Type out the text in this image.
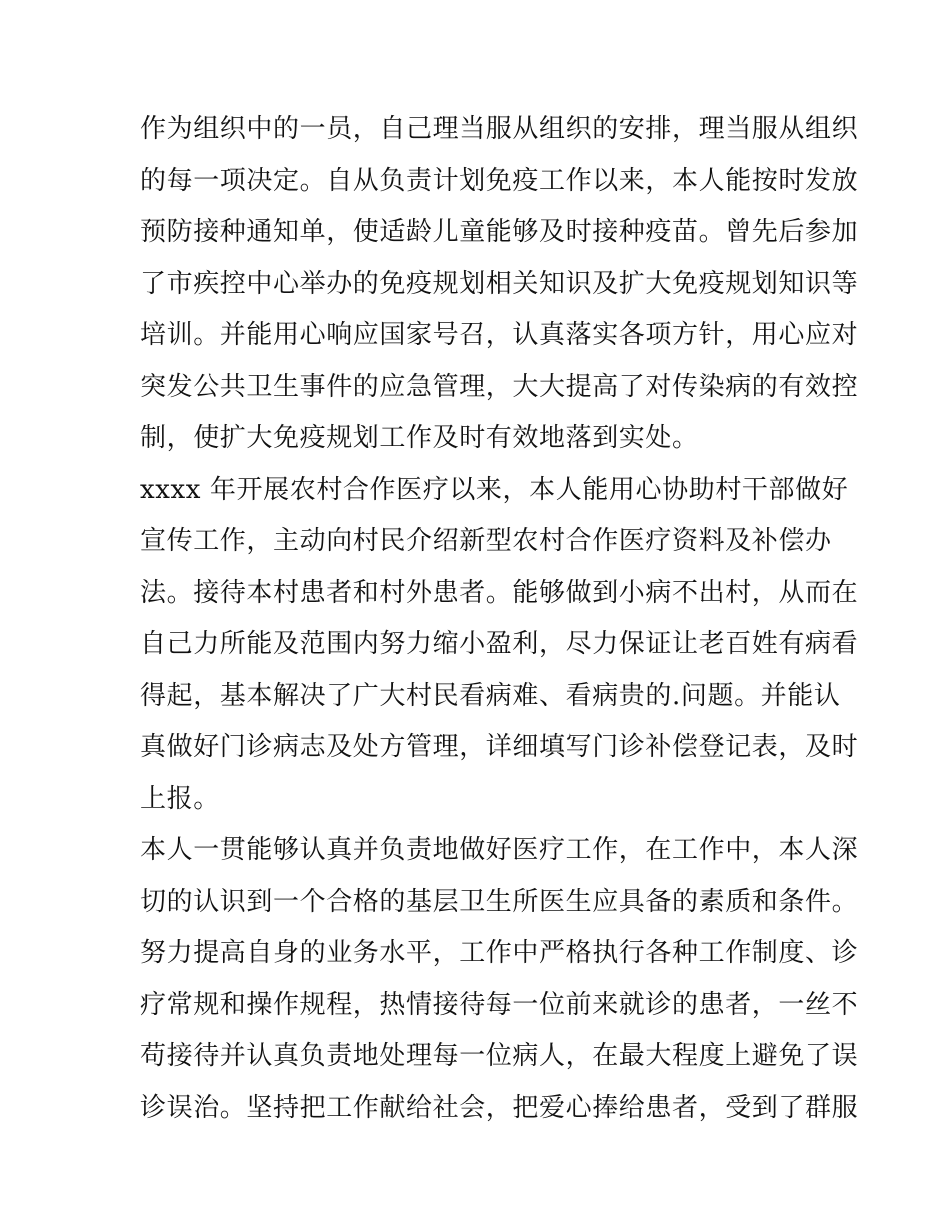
作为组织中的一员，自己理当服从组织的安排，理当服从组织
的每一项决定。自从负责计划免疫工作以来，本人能按时发放
预防接种通知单，使适龄儿童能够及时接种疫苗。曾先后参加
了市疾控中心举办的免疫规划相关知识及扩大免疫规划知识等
培训。并能用心响应国家号召，认真落实各项方针，用心应对
突发公共卫生事件的应急管理，大大提高了对传染病的有效控
制，使扩大免疫规划工作及时有效地落到实处。
xxxx 年开展农村合作医疗以来，本人能用心协助村干部做好
宣传工作，主动向村民介绍新型农村合作医疗资料及补偿办
法。接待本村患者和村外患者。能够做到小病不出村，从而在
自己力所能及范围内努力缩小盈利，尽力保证让老百姓有病看
得起，基本解决了广大村民看病难、看病贵的.问题。并能认
真做好门诊病志及处方管理，详细填写门诊补偿登记表，及时
上报。
本人一贯能够认真并负责地做好医疗工作，在工作中，本人深
切的认识到一个合格的基层卫生所医生应具备的素质和条件。
努力提高自身的业务水平，工作中严格执行各种工作制度、诊
疗常规和操作规程，热情接待每一位前来就诊的患者，一丝不
苟接待并认真负责地处理每一位病人，在最大程度上避免了误
诊误治。坚持把工作献给社会，把爱心捧给患者，受到了群服
